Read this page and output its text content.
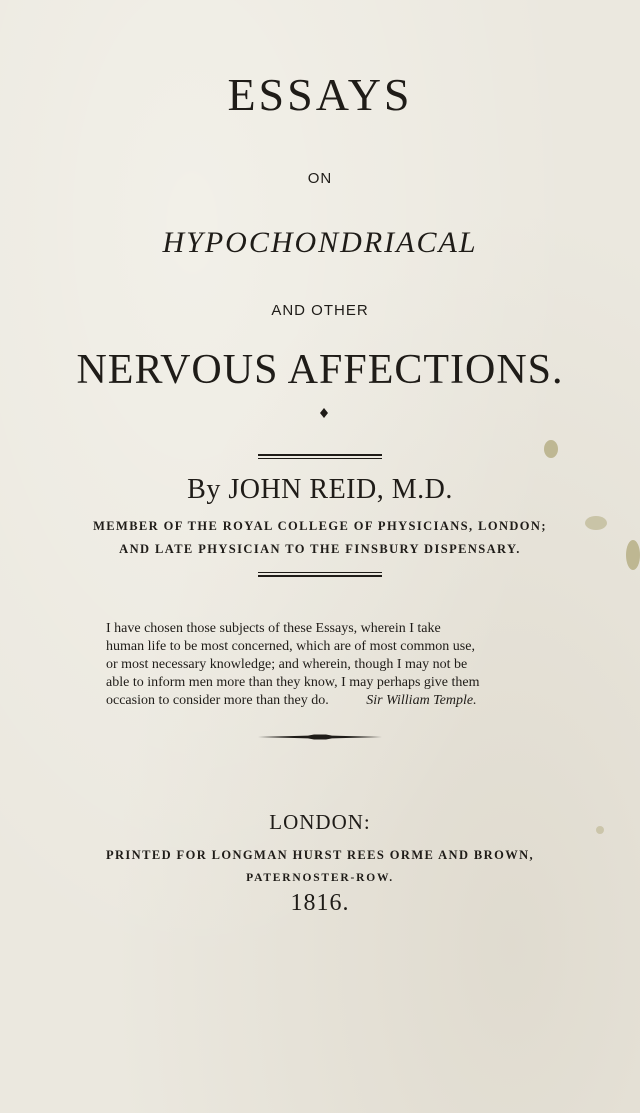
ESSAYS
ON
HYPOCHONDRIACAL
AND OTHER
NERVOUS AFFECTIONS.
By JOHN REID, M.D.
MEMBER OF THE ROYAL COLLEGE OF PHYSICIANS, LONDON;
AND LATE PHYSICIAN TO THE FINSBURY DISPENSARY.
I have chosen those subjects of these Essays, wherein I take
human life to be most concerned, which are of most common use,
or most necessary knowledge; and wherein, though I may not be
able to inform men more than they know, I may perhaps give them
occasion to consider more than they do.	Sir William Temple.
LONDON:
PRINTED FOR LONGMAN HURST REES ORME AND BROWN,
PATERNOSTER-ROW.
1816.
